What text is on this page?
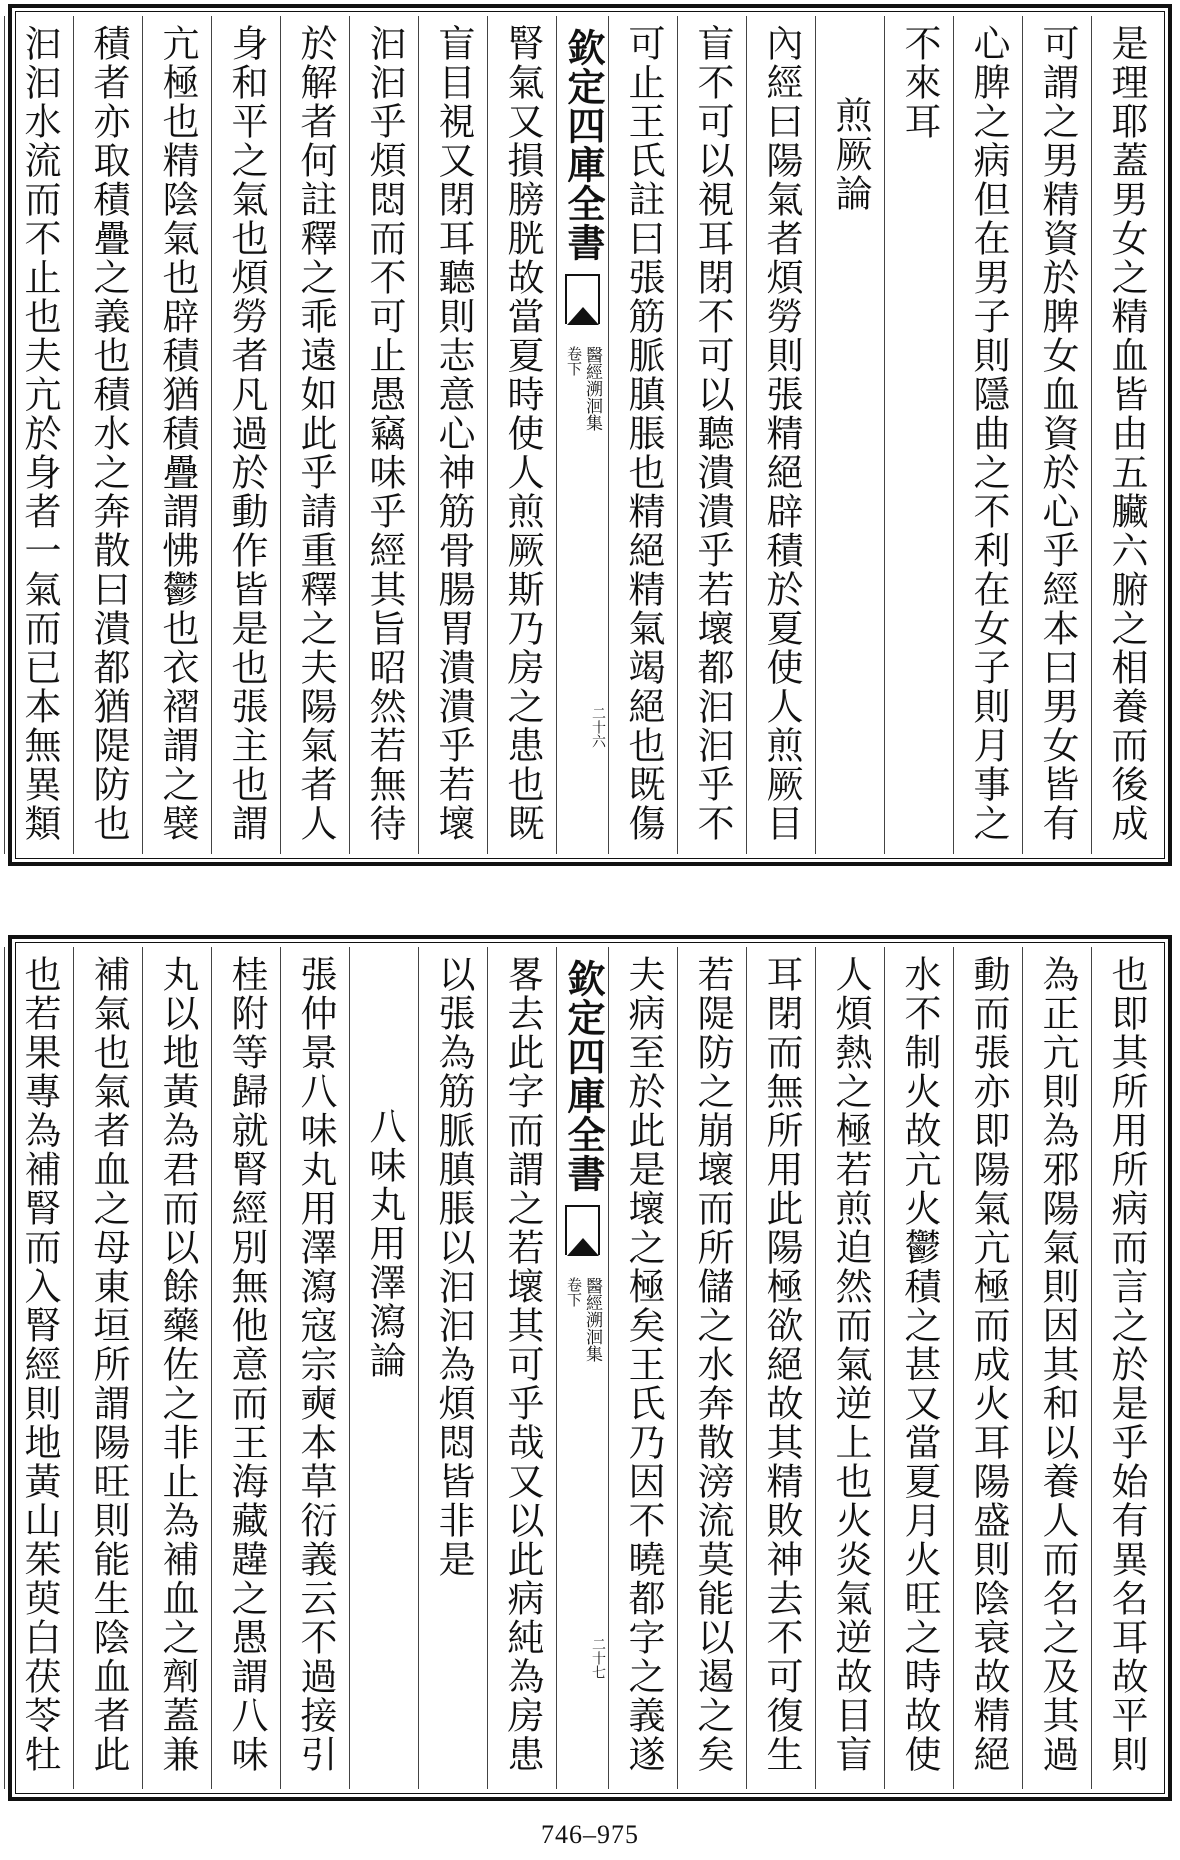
是理耶蓋男女之精血皆由五臟六腑之相養而後成
可謂之男精資於脾女血資於心乎經本曰男女皆有
心脾之病但在男子則隱曲之不利在女子則月事之
不來耳
煎厥論
內經曰陽氣者煩勞則張精絕辟積於夏使人煎厥目
盲不可以視耳閉不可以聽潰潰乎若壞都汩汩乎不
可止王氏註曰張筋脈䐜脹也精絕精氣竭絕也既傷
欽定四庫全書
醫經溯洄集
卷下
二十六
腎氣又損膀胱故當夏時使人煎厥斯乃房之患也既
盲目視又閉耳聽則志意心神筋骨腸胃潰潰乎若壞
汩汩乎煩悶而不可止愚竊味乎經其旨昭然若無待
於解者何註釋之乖遠如此乎請重釋之夫陽氣者人
身和平之氣也煩勞者凡過於動作皆是也張主也謂
亢極也精陰氣也辟積猶積疊謂怫鬱也衣褶謂之襞
積者亦取積疊之義也積水之奔散曰潰都猶隄防也
汩汩水流而不止也夫亢於身者一氣而已本無異類
也即其所用所病而言之於是乎始有異名耳故平則
為正亢則為邪陽氣則因其和以養人而名之及其過
動而張亦即陽氣亢極而成火耳陽盛則陰衰故精絕
水不制火故亢火鬱積之甚又當夏月火旺之時故使
人煩熱之極若煎迫然而氣逆上也火炎氣逆故目盲
耳閉而無所用此陽極欲絕故其精敗神去不可復生
若隄防之崩壞而所儲之水奔散滂流莫能以遏之矣
夫病至於此是壞之極矣王氏乃因不曉都字之義遂
欽定四庫全書
醫經溯洄集
卷下
二十七
畧去此字而謂之若壞其可乎哉又以此病純為房患
以張為筋脈䐜脹以汩汩為煩悶皆非是
八味丸用澤瀉論
張仲景八味丸用澤瀉寇宗奭本草衍義云不過接引
桂附等歸就腎經別無他意而王海藏韙之愚謂八味
丸以地黃為君而以餘藥佐之非止為補血之劑蓋兼
補氣也氣者血之母東垣所謂陽旺則能生陰血者此
也若果專為補腎而入腎經則地黃山茱萸白茯苓牡
746–975
